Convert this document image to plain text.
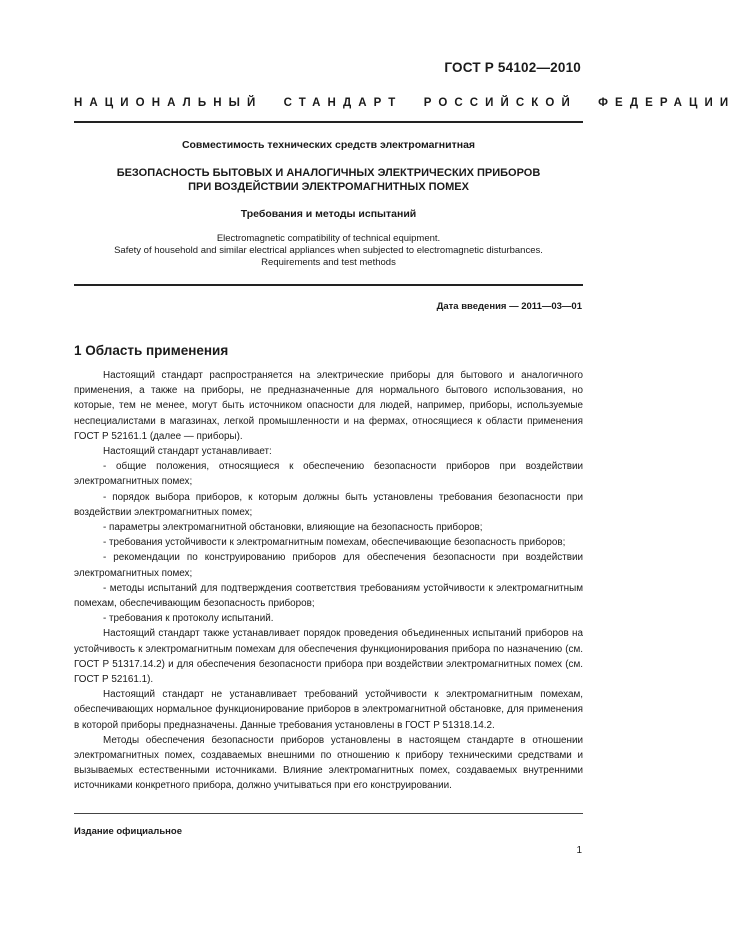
ГОСТ Р 54102—2010
НАЦИОНАЛЬНЫЙ СТАНДАРТ РОССИЙСКОЙ ФЕДЕРАЦИИ
Совместимость технических средств электромагнитная
БЕЗОПАСНОСТЬ БЫТОВЫХ И АНАЛОГИЧНЫХ ЭЛЕКТРИЧЕСКИХ ПРИБОРОВ
ПРИ ВОЗДЕЙСТВИИ ЭЛЕКТРОМАГНИТНЫХ ПОМЕХ
Требования и методы испытаний
Electromagnetic compatibility of technical equipment.
Safety of household and similar electrical appliances when subjected to electromagnetic disturbances.
Requirements and test methods
Дата введения — 2011—03—01
1 Область применения

Настоящий стандарт распространяется на электрические приборы для бытового и аналогичного применения, а также на приборы, не предназначенные для нормального бытового использования, но которые, тем не менее, могут быть источником опасности для людей, например, приборы, используемые неспециалистами в магазинах, легкой промышленности и на фермах, относящиеся к области применения ГОСТ Р 52161.1 (далее — приборы).

Настоящий стандарт устанавливает:

- общие положения, относящиеся к обеспечению безопасности приборов при воздействии электромагнитных помех;

- порядок выбора приборов, к которым должны быть установлены требования безопасности при воздействии электромагнитных помех;

- параметры электромагнитной обстановки, влияющие на безопасность приборов;

- требования устойчивости к электромагнитным помехам, обеспечивающие безопасность приборов;

- рекомендации по конструированию приборов для обеспечения безопасности при воздействии электромагнитных помех;

- методы испытаний для подтверждения соответствия требованиям устойчивости к электромагнитным помехам, обеспечивающим безопасность приборов;

- требования к протоколу испытаний.

Настоящий стандарт также устанавливает порядок проведения объединенных испытаний приборов на устойчивость к электромагнитным помехам для обеспечения функционирования прибора по назначению (см. ГОСТ Р 51317.14.2) и для обеспечения безопасности прибора при воздействии электромагнитных помех (см. ГОСТ Р 52161.1).

Настоящий стандарт не устанавливает требований устойчивости к электромагнитным помехам, обеспечивающих нормальное функционирование приборов в электромагнитной обстановке, для применения в которой приборы предназначены. Данные требования установлены в ГОСТ Р 51318.14.2.

Методы обеспечения безопасности приборов установлены в настоящем стандарте в отношении электромагнитных помех, создаваемых внешними по отношению к прибору техническими средствами и вызываемых естественными источниками. Влияние электромагнитных помех, создаваемых внутренними источниками конкретного прибора, должно учитываться при его конструировании.

Издание официальное
1
